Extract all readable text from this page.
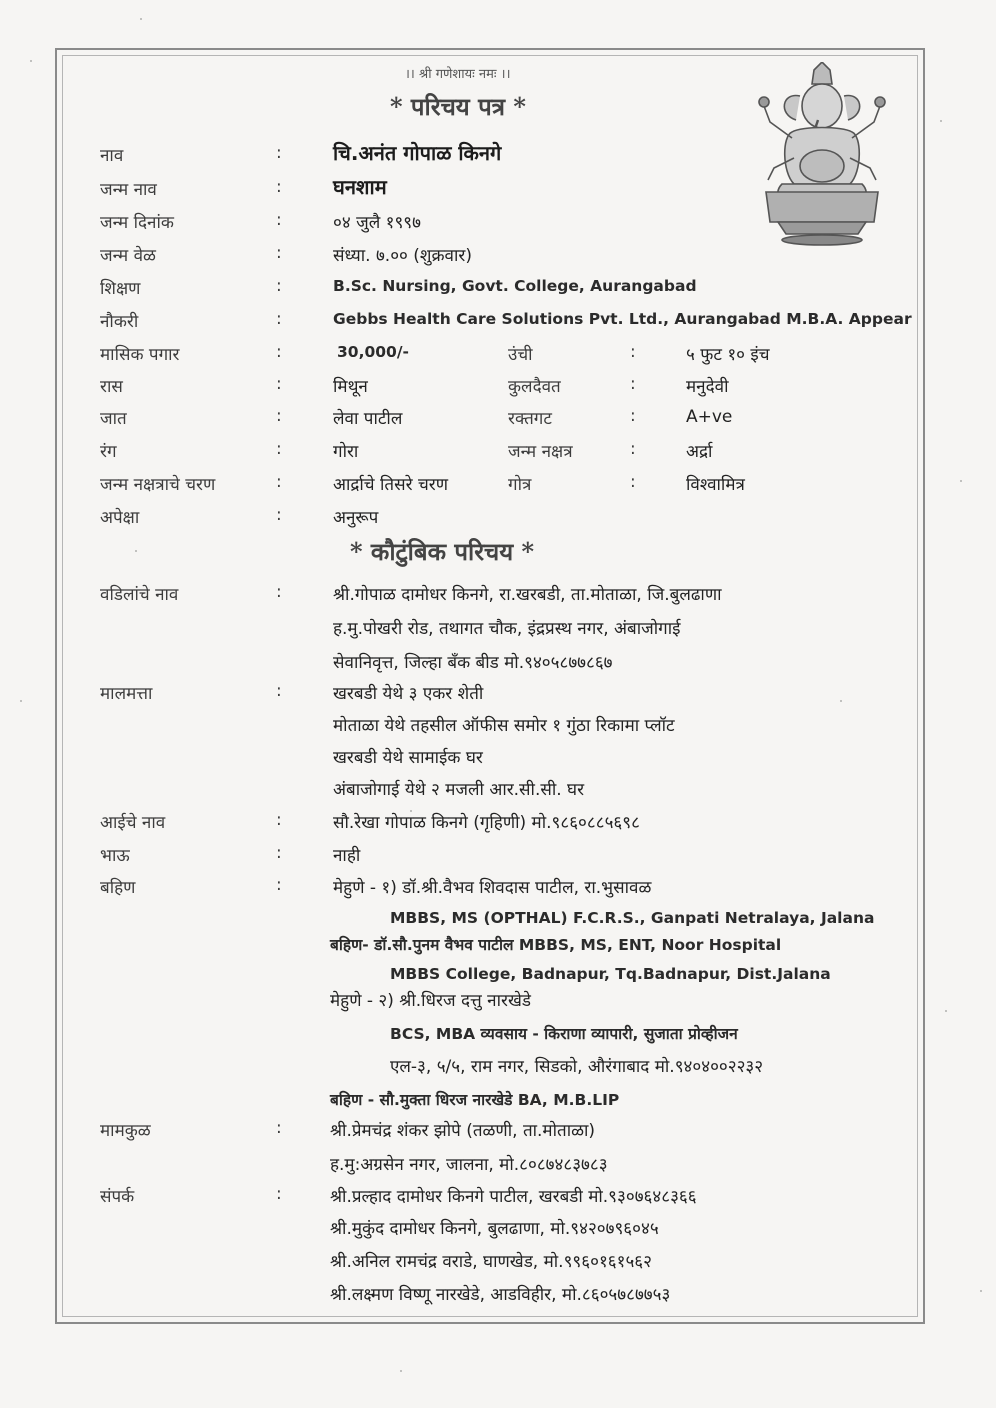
।। श्री गणेशायः नमः ।।
* परिचय पत्र *
नाव	:	चि.अनंत गोपाळ किनगे
जन्म नाव	:	घनशाम
जन्म दिनांक	:	०४ जुलै १९९७
जन्म वेळ	:	संध्या. ७.०० (शुक्रवार)
शिक्षण	:	B.Sc. Nursing, Govt. College, Aurangabad
नौकरी	:	Gebbs Health Care Solutions Pvt. Ltd., Aurangabad M.B.A. Appear
मासिक पगार	:	30,000/-	उंची	:	५ फुट १० इंच
रास	:	मिथून	कुलदैवत	:	मनुदेवी
जात	:	लेवा पाटील	रक्तगट	:	A+ve
रंग	:	गोरा	जन्म नक्षत्र	:	अर्द्रा
जन्म नक्षत्राचे चरण	:	आर्द्राचे तिसरे चरण	गोत्र	:	विश्वामित्र
अपेक्षा	:	अनुरूप
* कौटुंबिक परिचय *
वडिलांचे नाव	:	श्री.गोपाळ दामोधर किनगे, रा.खरबडी, ता.मोताळा, जि.बुलढाणा
ह.मु.पोखरी रोड, तथागत चौक, इंद्रप्रस्थ नगर, अंबाजोगाई
सेवानिवृत्त, जिल्हा बँक बीड मो.९४०५८७७८६७
मालमत्ता	:	खरबडी येथे ३ एकर शेती
मोताळा येथे तहसील ऑफीस समोर १ गुंठा रिकामा प्लॉट
खरबडी येथे सामाईक घर
अंबाजोगाई येथे २ मजली आर.सी.सी. घर
आईचे नाव	:	सौ.रेखा गोपाळ किनगे (गृहिणी) मो.९८६०८८५६९८
भाऊ	:	नाही
बहिण	:	मेहुणे - १) डॉ.श्री.वैभव शिवदास पाटील, रा.भुसावळ
MBBS, MS (OPTHAL) F.C.R.S., Ganpati Netralaya, Jalana
बहिण- डॉ.सौ.पुनम वैभव पाटील MBBS, MS, ENT, Noor Hospital
MBBS College, Badnapur, Tq.Badnapur, Dist.Jalana
मेहुणे - २) श्री.धिरज दत्तु नारखेडे
BCS, MBA व्यवसाय - किराणा व्यापारी, सुजाता प्रोव्हीजन
एल-३, ५/५, राम नगर, सिडको, औरंगाबाद मो.९४०४००२२३२
बहिण - सौ.मुक्ता धिरज नारखेडे BA, M.B.LIP
मामकुळ	:	श्री.प्रेमचंद्र शंकर झोपे (तळणी, ता.मोताळा)
ह.मु:अग्रसेन नगर, जालना, मो.८०८७४८३७८३
संपर्क	:	श्री.प्रल्हाद दामोधर किनगे पाटील, खरबडी मो.९३०७६४८३६६
श्री.मुकुंद दामोधर किनगे, बुलढाणा, मो.९४२०७९६०४५
श्री.अनिल रामचंद्र वराडे, घाणखेड, मो.९९६०१६१५६२
श्री.लक्ष्मण विष्णू नारखेडे, आडविहीर, मो.८६०५७८७७५३
